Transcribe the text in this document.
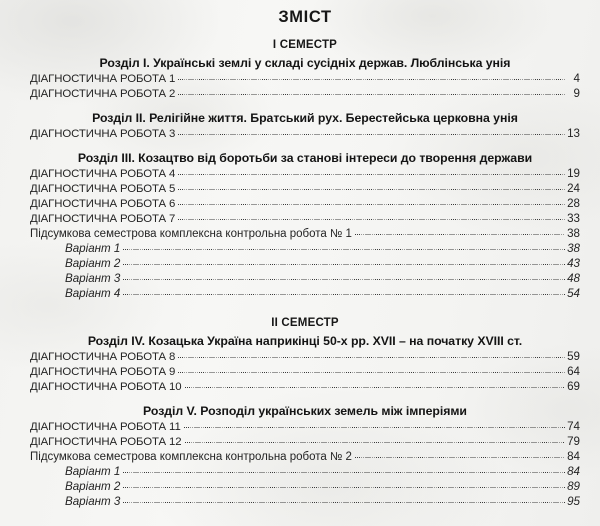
ЗМІСТ
І СЕМЕСТР
Розділ І. Українські землі у складі сусідніх держав. Люблінська унія
ДІАГНОСТИЧНА РОБОТА 1	4
ДІАГНОСТИЧНА РОБОТА 2	9
Розділ ІІ. Релігійне життя. Братський рух. Берестейська церковна унія
ДІАГНОСТИЧНА РОБОТА 3	13
Розділ ІІІ. Козацтво від боротьби за станові інтереси до творення держави
ДІАГНОСТИЧНА РОБОТА 4	19
ДІАГНОСТИЧНА РОБОТА 5	24
ДІАГНОСТИЧНА РОБОТА 6	28
ДІАГНОСТИЧНА РОБОТА 7	33
Підсумкова семестрова комплексна контрольна робота № 1	38
Варіант 1	38
Варіант 2	43
Варіант 3	48
Варіант 4	54
ІІ СЕМЕСТР
Розділ IV. Козацька Україна наприкінці 50-х рр. XVII – на початку XVIII ст.
ДІАГНОСТИЧНА РОБОТА 8	59
ДІАГНОСТИЧНА РОБОТА 9	64
ДІАГНОСТИЧНА РОБОТА 10	69
Розділ V. Розподіл українських земель між імперіями
ДІАГНОСТИЧНА РОБОТА 11	74
ДІАГНОСТИЧНА РОБОТА 12	79
Підсумкова семестрова комплексна контрольна робота № 2	84
Варіант 1	84
Варіант 2	89
Варіант 3	95
